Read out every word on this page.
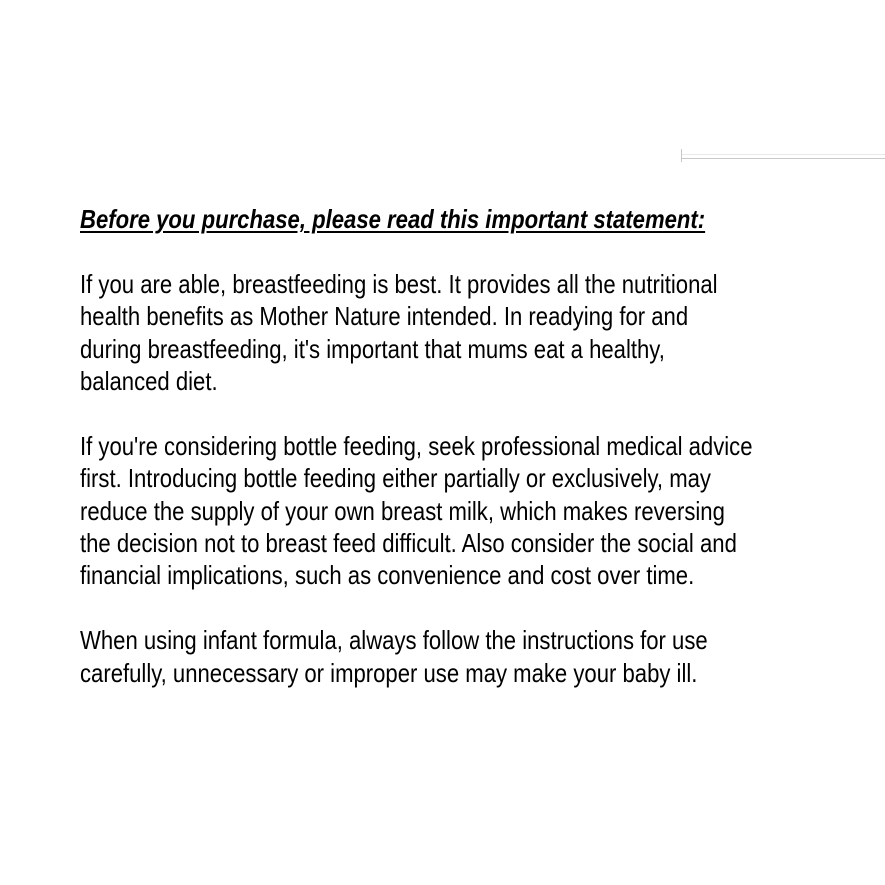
Before you purchase, please read this important statement:
If you are able, breastfeeding is best. It provides all the nutritional
health benefits as Mother Nature intended. In readying for and
during breastfeeding, it's important that mums eat a healthy,
balanced diet.
If you're considering bottle feeding, seek professional medical advice
first. Introducing bottle feeding either partially or exclusively, may
reduce the supply of your own breast milk, which makes reversing
the decision not to breast feed difficult. Also consider the social and
financial implications, such as convenience and cost over time.
When using infant formula, always follow the instructions for use
carefully, unnecessary or improper use may make your baby ill.
